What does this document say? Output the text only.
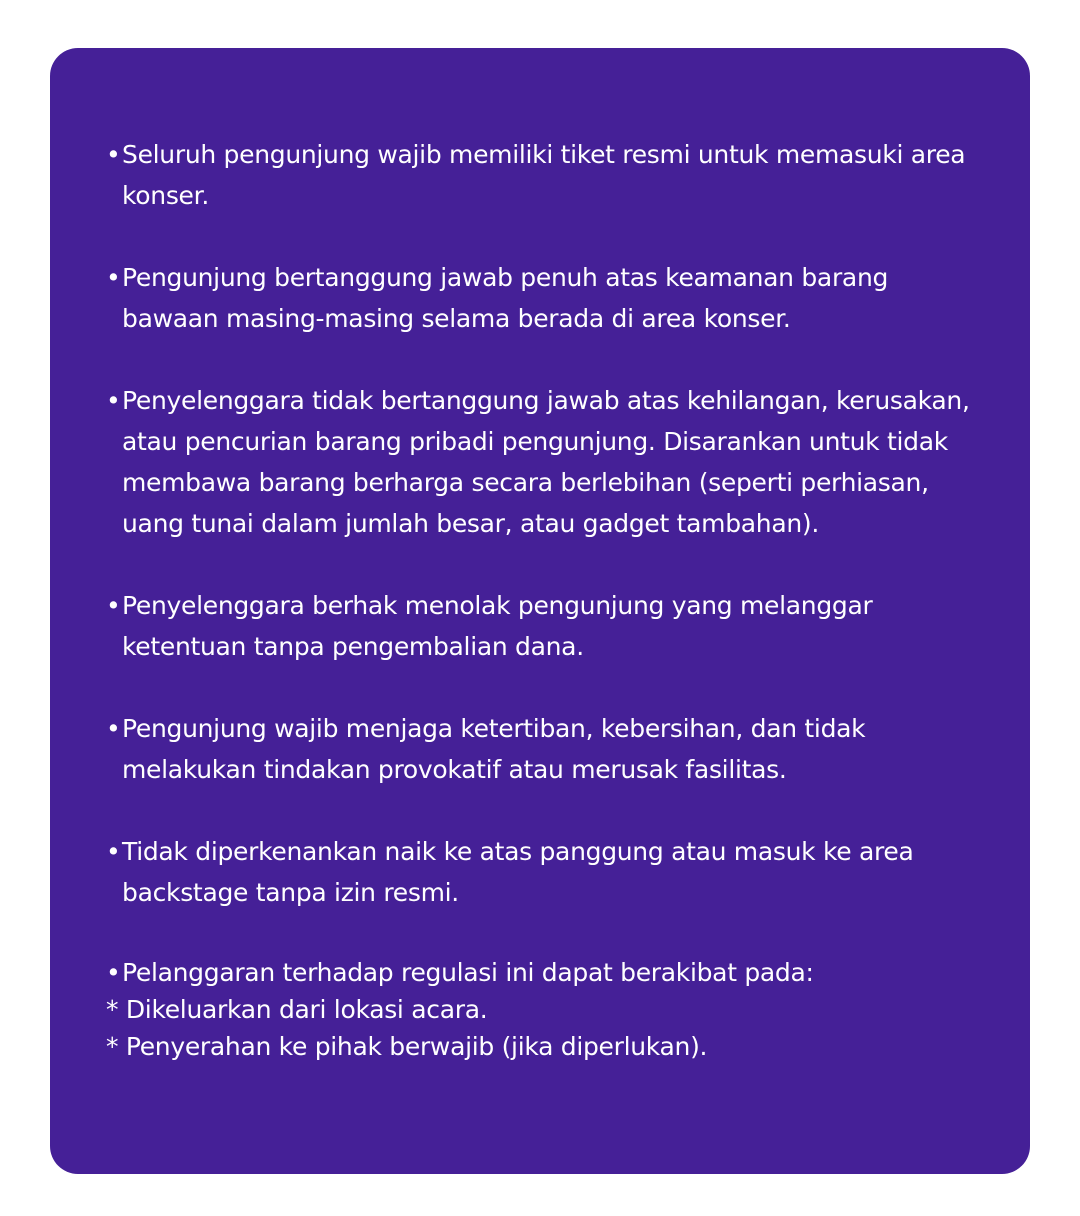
• Seluruh pengunjung wajib memiliki tiket resmi untuk memasuki area konser.
• Pengunjung bertanggung jawab penuh atas keamanan barang bawaan masing-masing selama berada di area konser.
• Penyelenggara tidak bertanggung jawab atas kehilangan, kerusakan, atau pencurian barang pribadi pengunjung. Disarankan untuk tidak membawa barang berharga secara berlebihan (seperti perhiasan, uang tunai dalam jumlah besar, atau gadget tambahan).
• Penyelenggara berhak menolak pengunjung yang melanggar ketentuan tanpa pengembalian dana.
• Pengunjung wajib menjaga ketertiban, kebersihan, dan tidak melakukan tindakan provokatif atau merusak fasilitas.
• Tidak diperkenankan naik ke atas panggung atau masuk ke area backstage tanpa izin resmi.
• Pelanggaran terhadap regulasi ini dapat berakibat pada:
* Dikeluarkan dari lokasi acara.
* Penyerahan ke pihak berwajib (jika diperlukan).
